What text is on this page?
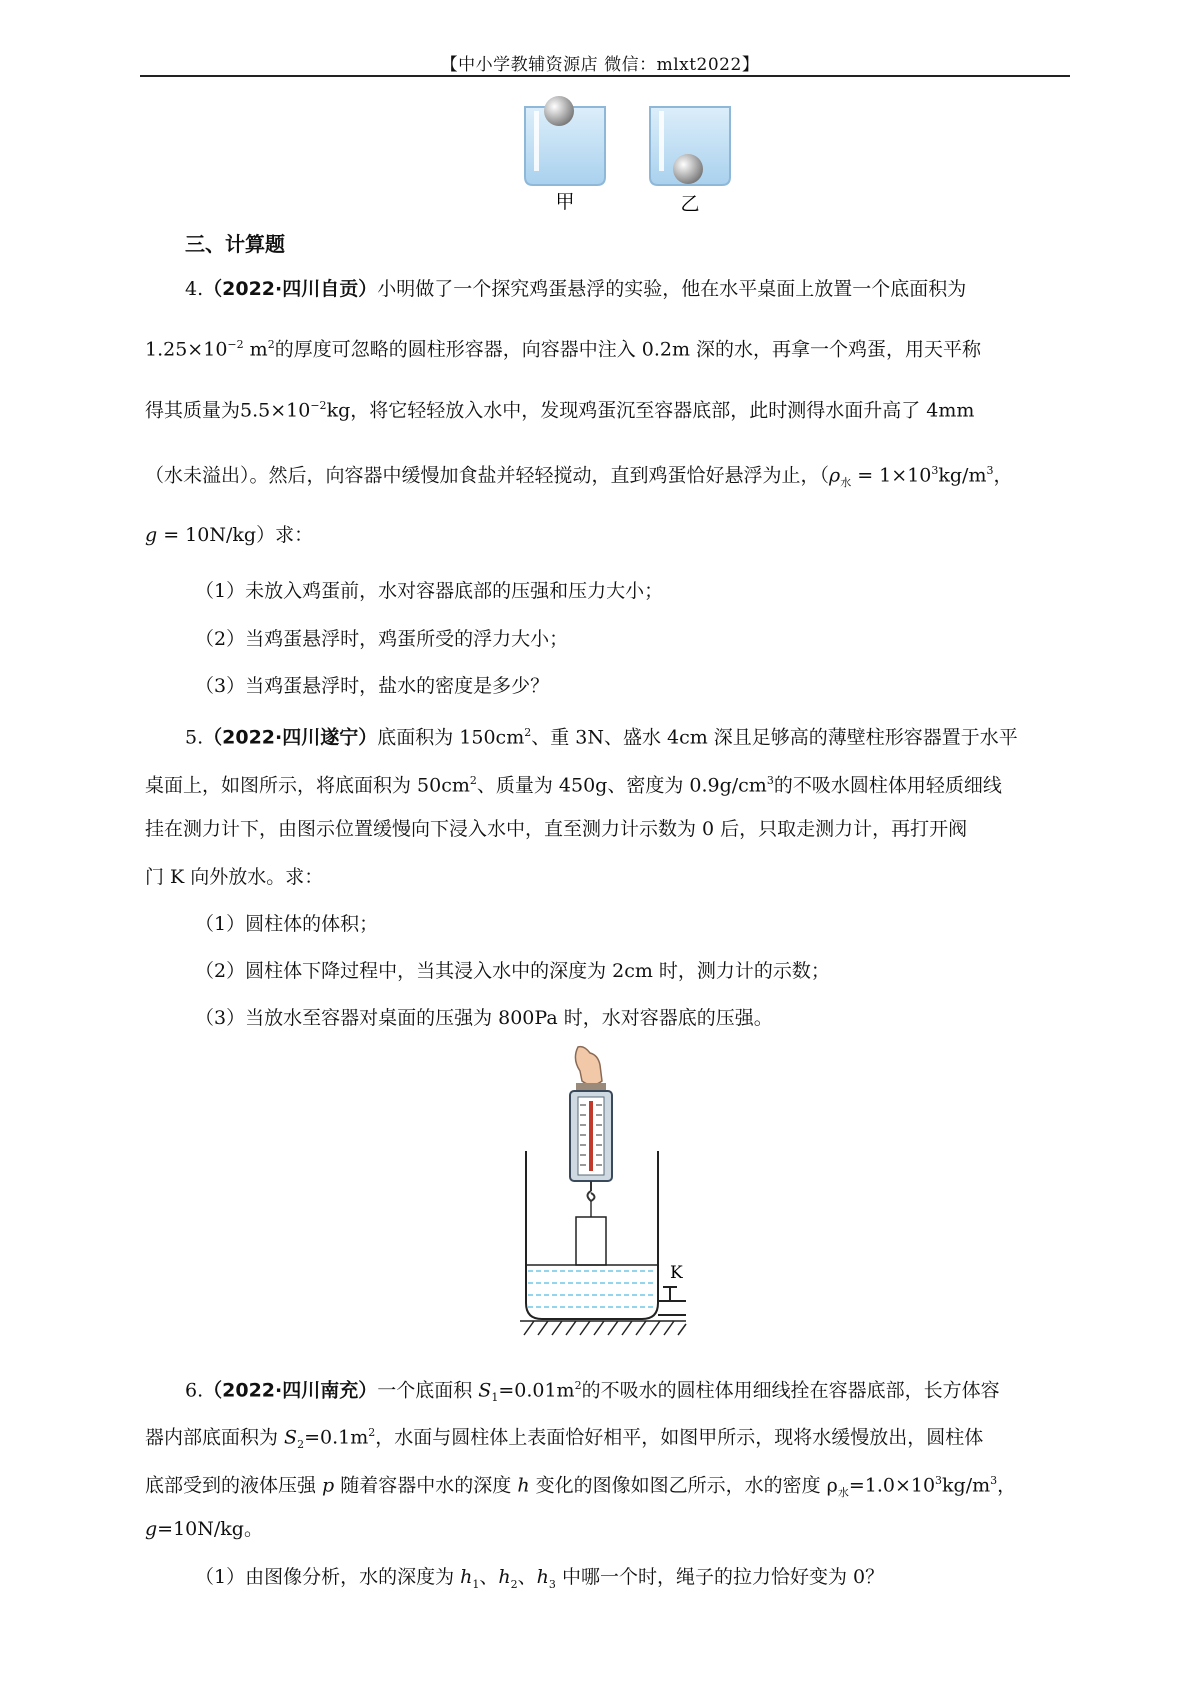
【中小学教辅资源店 微信：mlxt2022】
甲	乙
三、计算题
4.（2022·四川自贡）小明做了一个探究鸡蛋悬浮的实验，他在水平桌面上放置一个底面积为
$1.25\times 10^{-2}$ $m^2$的厚度可忽略的圆柱形容器，向容器中注入 0.2m 深的水，再拿一个鸡蛋，用天平称
得其质量为$5.5\times 10^{-2}kg$，将它轻轻放入水中，发现鸡蛋沉至容器底部，此时测得水面升高了 4mm
（水未溢出）。然后，向容器中缓慢加食盐并轻轻搅动，直到鸡蛋恰好悬浮为止，（$\rho_水 = 1\times 10^3kg/m^3$，
g = 10N/kg）求：
（1）未放入鸡蛋前，水对容器底部的压强和压力大小；
（2）当鸡蛋悬浮时，鸡蛋所受的浮力大小；
（3）当鸡蛋悬浮时，盐水的密度是多少？
5.（2022·四川遂宁）底面积为 $150cm^2$、重 3N、盛水 4cm 深且足够高的薄壁柱形容器置于水平
桌面上，如图所示，将底面积为 $50cm^2$、质量为 450g、密度为 $0.9g/cm^3$的不吸水圆柱体用轻质细线
挂在测力计下，由图示位置缓慢向下浸入水中，直至测力计示数为 0 后，只取走测力计，再打开阀
门 K 向外放水。求：
（1）圆柱体的体积；
（2）圆柱体下降过程中，当其浸入水中的深度为 2cm 时，测力计的示数；
（3）当放水至容器对桌面的压强为 800Pa 时，水对容器底的压强。
K
6.（2022·四川南充）一个底面积 $S_1=0.01m^2$的不吸水的圆柱体用细线拴在容器底部，长方体容
器内部底面积为 $S_2=0.1m^2$，水面与圆柱体上表面恰好相平，如图甲所示，现将水缓慢放出，圆柱体
底部受到的液体压强 p 随着容器中水的深度 h 变化的图像如图乙所示，水的密度 $\rho_水=1.0\times 10^3kg/m^3$，
g=10N/kg。
（1）由图像分析，水的深度为 $h_1$、$h_2$、$h_3$ 中哪一个时，绳子的拉力恰好变为 0？
